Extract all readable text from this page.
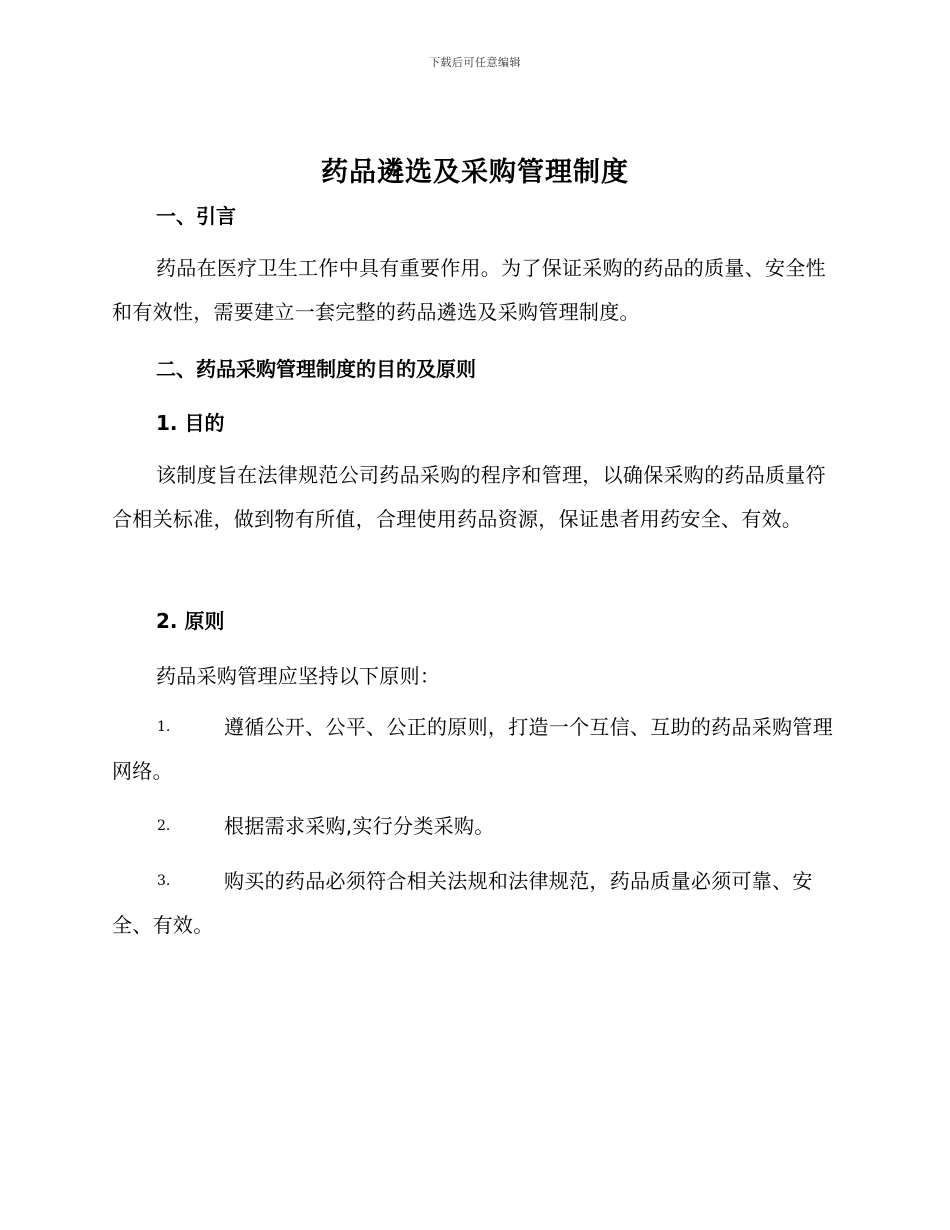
下载后可任意编辑
药品遴选及采购管理制度
一、引言
药品在医疗卫生工作中具有重要作用。为了保证采购的药品的质量、安全性和有效性，需要建立一套完整的药品遴选及采购管理制度。
二、药品采购管理制度的目的及原则
1. 目的
该制度旨在法律规范公司药品采购的程序和管理，以确保采购的药品质量符合相关标准，做到物有所值，合理使用药品资源，保证患者用药安全、有效。
2. 原则
药品采购管理应坚持以下原则：
1.	遵循公开、公平、公正的原则，打造一个互信、互助的药品采购管理网络。
2.	根据需求采购,实行分类采购。
3.	购买的药品必须符合相关法规和法律规范，药品质量必须可靠、安全、有效。
